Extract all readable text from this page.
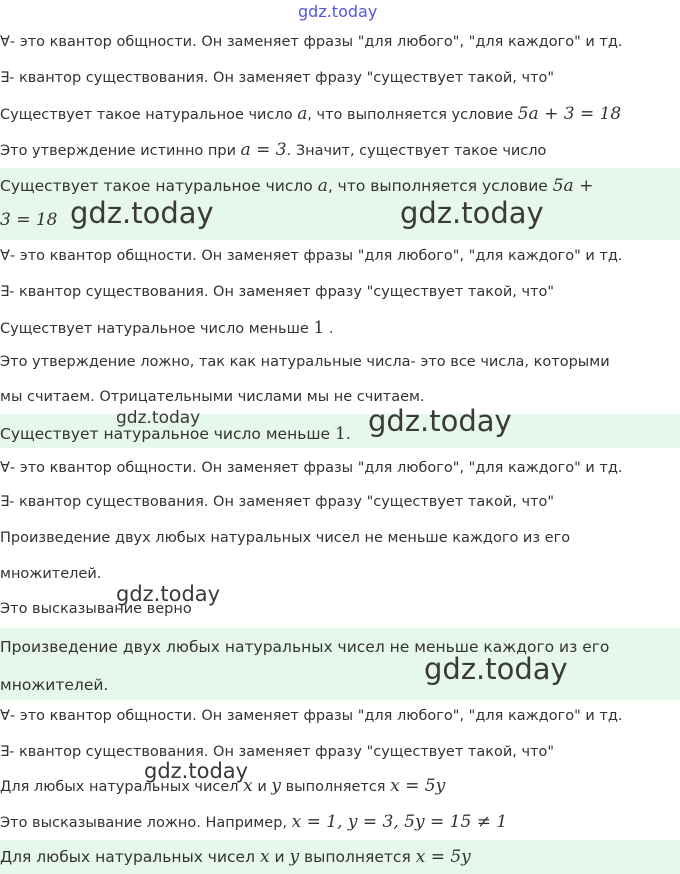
gdz.today
∀- это квантор общности. Он заменяет фразы "для любого", "для каждого" и тд.
∃- квантор существования. Он заменяет фразу "существует такой, что"
Существует такое натуральное число a, что выполняется условие 5a + 3 = 18
Это утверждение истинно при a = 3. Значит, существует такое число
Существует такое натуральное число a, что выполняется условие 5a +
3 = 18
∀- это квантор общности. Он заменяет фразы "для любого", "для каждого" и тд.
∃- квантор существования. Он заменяет фразу "существует такой, что"
Существует натуральное число меньше 1 .
Это утверждение ложно, так как натуральные числа- это все числа, которыми
мы считаем. Отрицательными числами мы не считаем.
Существует натуральное число меньше 1.
∀- это квантор общности. Он заменяет фразы "для любого", "для каждого" и тд.
∃- квантор существования. Он заменяет фразу "существует такой, что"
Произведение двух любых натуральных чисел не меньше каждого из его
множителей.
Это высказывание верно
Произведение двух любых натуральных чисел не меньше каждого из его
множителей.
∀- это квантор общности. Он заменяет фразы "для любого", "для каждого" и тд.
∃- квантор существования. Он заменяет фразу "существует такой, что"
Для любых натуральных чисел x и y выполняется x = 5y
Это высказывание ложно. Например, x = 1, y = 3, 5y = 15 ≠ 1
Для любых натуральных чисел x и y выполняется x = 5y
gdz.today	gdz.today
gdz.today	gdz.today
gdz.today
gdz.today
gdz.today
